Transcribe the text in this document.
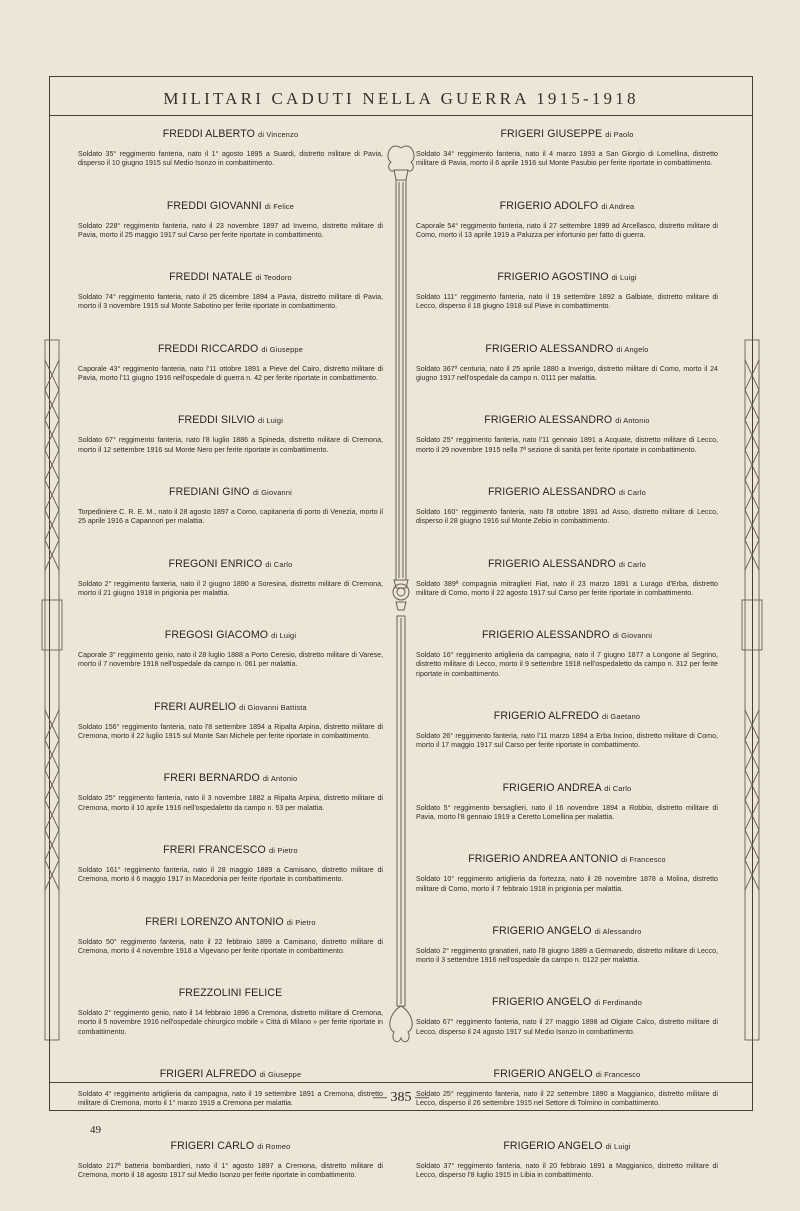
MILITARI CADUTI NELLA GUERRA 1915-1918
FREDDI ALBERTO di Vincenzo
Soldato 35° reggimento fanteria, nato il 1° agosto 1895 a Suardi, distretto militare di Pavia, disperso il 10 giugno 1915 sul Medio Isonzo in combattimento.
FREDDI GIOVANNI di Felice
Soldato 228° reggimento fanteria, nato il 23 novembre 1897 ad Inverno, distretto militare di Pavia, morto il 25 maggio 1917 sul Carso per ferite riportate in combattimento.
FREDDI NATALE di Teodoro
Soldato 74° reggimento fanteria, nato il 25 dicembre 1894 a Pavia, distretto militare di Pavia, morto il 3 novembre 1915 sul Monte Sabotino per ferite riportate in combattimento.
FREDDI RICCARDO di Giuseppe
Caporale 43° reggimento fanteria, nato l'11 ottobre 1891 a Pieve del Cairo, distretto militare di Pavia, morto l'11 giugno 1916 nell'ospedale di guerra n. 42 per ferite riportate in combattimento.
FREDDI SILVIO di Luigi
Soldato 67° reggimento fanteria, nato l'8 luglio 1886 a Spineda, distretto militare di Cremona, morto il 12 settembre 1916 sul Monte Nero per ferite riportate in combattimento.
FREDIANI GINO di Giovanni
Torpediniere C. R. E. M., nato il 28 agosto 1897 a Como, capitaneria di porto di Venezia, morto il 25 aprile 1916 a Capannori per malattia.
FREGONI ENRICO di Carlo
Soldato 2° reggimento fanteria, nato il 2 giugno 1890 a Soresina, distretto militare di Cremona, morto il 21 giugno 1918 in prigionia per malattia.
FREGOSI GIACOMO di Luigi
Caporale 3° reggimento genio, nato il 28 luglio 1888 a Porto Ceresio, distretto militare di Varese, morto il 7 novembre 1918 nell'ospedale da campo n. 061 per malattia.
FRERI AURELIO di Giovanni Battista
Soldato 156° reggimento fanteria, nato l'8 settembre 1894 a Ripalta Arpina, distretto militare di Cremona, morto il 22 luglio 1915 sul Monte San Michele per ferite riportate in combattimento.
FRERI BERNARDO di Antonio
Soldato 25° reggimento fanteria, nato il 3 novembre 1882 a Ripalta Arpina, distretto militare di Cremona, morto il 10 aprile 1916 nell'ospedaletto da campo n. 53 per malattia.
FRERI FRANCESCO di Pietro
Soldato 161° reggimento fanteria, nato il 28 maggio 1889 a Camisano, distretto militare di Cremona, morto il 6 maggio 1917 in Macedonia per ferite riportate in combattimento.
FRERI LORENZO ANTONIO di Pietro
Soldato 50° reggimento fanteria, nato il 22 febbraio 1899 a Camisano, distretto militare di Cremona, morto il 4 novembre 1918 a Vigevano per ferite riportate in combattimento.
FREZZOLINI FELICE
Soldato 2° reggimento genio, nato il 14 febbraio 1896 a Cremona, distretto militare di Cremona, morto il 5 novembre 1916 nell'ospedale chirurgico mobile « Città di Milano » per ferite riportate in combattimento.
FRIGERI ALFREDO di Giuseppe
Soldato 4° reggimento artiglieria da campagna, nato il 19 settembre 1891 a Cremona, distretto militare di Cremona, morto il 1° marzo 1919 a Cremona per malattia.
FRIGERI CARLO di Romeo
Soldato 217ª batteria bombardieri, nato il 1° agosto 1897 a Cremona, distretto militare di Cremona, morto il 18 agosto 1917 sul Medio Isonzo per ferite riportate in combattimento.
FRIGERI GIUSEPPE di Paolo
Soldato 34° reggimento fanteria, nato il 4 marzo 1893 a San Giorgio di Lomellina, distretto militare di Pavia, morto il 6 aprile 1916 sul Monte Pasubio per ferite riportate in combattimento.
FRIGERIO ADOLFO di Andrea
Caporale 54° reggimento fanteria, nato il 27 settembre 1899 ad Arcellasco, distretto militare di Como, morto il 13 aprile 1919 a Paluzza per infortunio per fatto di guerra.
FRIGERIO AGOSTINO di Luigi
Soldato 111° reggimento fanteria, nato il 19 settembre 1892 a Galbiate, distretto militare di Lecco, disperso il 18 giugno 1918 sul Piave in combattimento.
FRIGERIO ALESSANDRO di Angelo
Soldato 367ª centuria, nato il 25 aprile 1880 a Inverigo, distretto militare di Como, morto il 24 giugno 1917 nell'ospedale da campo n. 0111 per malattia.
FRIGERIO ALESSANDRO di Antonio
Soldato 25° reggimento fanteria, nato l'11 gennaio 1891 a Acquate, distretto militare di Lecco, morto il 29 novembre 1915 nella 7ª sezione di sanità per ferite riportate in combattimento.
FRIGERIO ALESSANDRO di Carlo
Soldato 160° reggimento fanteria, nato l'8 ottobre 1891 ad Asso, distretto militare di Lecco, disperso il 28 giugno 1916 sul Monte Zebio in combattimento.
FRIGERIO ALESSANDRO di Carlo
Soldato 389ª compagnia mitraglieri Fiat, nato il 23 marzo 1891 a Lurago d'Erba, distretto militare di Como, morto il 22 agosto 1917 sul Carso per ferite riportate in combattimento.
FRIGERIO ALESSANDRO di Giovanni
Soldato 16° reggimento artiglieria da campagna, nato il 7 giugno 1877 a Longone al Segrino, distretto militare di Lecco, morto il 9 settembre 1918 nell'ospedaletto da campo n. 312 per ferite riportate in combattimento.
FRIGERIO ALFREDO di Gaetano
Soldato 26° reggimento fanteria, nato l'11 marzo 1894 a Erba Incino, distretto militare di Como, morto il 17 maggio 1917 sul Carso per ferite riportate in combattimento.
FRIGERIO ANDREA di Carlo
Soldato 5° reggimento bersaglieri, nato il 16 novembre 1894 a Robbio, distretto militare di Pavia, morto l'8 gennaio 1919 a Ceretto Lomellina per malattia.
FRIGERIO ANDREA ANTONIO di Francesco
Soldato 10° reggimento artiglieria da fortezza, nato il 28 novembre 1878 a Molina, distretto militare di Como, morto il 7 febbraio 1918 in prigionia per malattia.
FRIGERIO ANGELO di Alessandro
Soldato 2° reggimento granatieri, nato l'8 giugno 1889 a Germanedo, distretto militare di Lecco, morto il 3 settembre 1916 nell'ospedale da campo n. 0122 per malattia.
FRIGERIO ANGELO di Ferdinando
Soldato 67° reggimento fanteria, nato il 27 maggio 1898 ad Olgiate Calco, distretto militare di Lecco, disperso il 24 agosto 1917 sul Medio Isonzo in combattimento.
FRIGERIO ANGELO di Francesco
Soldato 25° reggimento fanteria, nato il 22 settembre 1890 a Maggianico, distretto militare di Lecco, disperso il 26 settembre 1915 nel Settore di Tolmino in combattimento.
FRIGERIO ANGELO di Luigi
Soldato 37° reggimento fanteria, nato il 20 febbraio 1891 a Maggianico, distretto militare di Lecco, disperso l'8 luglio 1915 in Libia in combattimento.
— 385 —
49
